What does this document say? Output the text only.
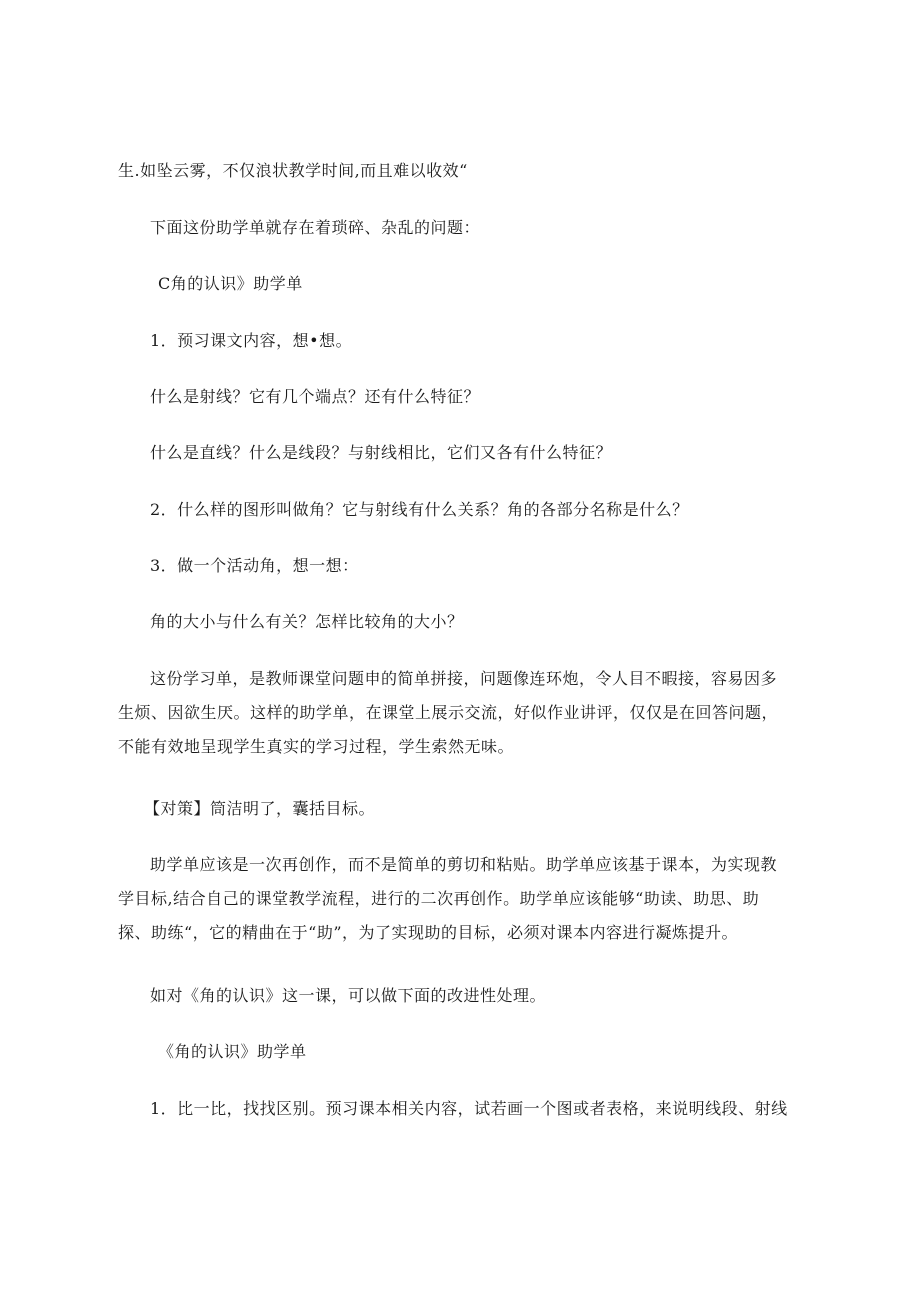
生.如坠云雾，不仅浪状教学时间,而且难以收效“
下面这份助学单就存在着琐碎、杂乱的问题：
C角的认识》助学单
1．预习课文内容，想•想。
什么是射线？它有几个端点？还有什么特征？
什么是直线？什么是线段？与射线相比，它们又各有什么特征？
2．什么样的图形叫做角？它与射线有什么关系？角的各部分名称是什么？
3．做一个活动角，想一想：
角的大小与什么有关？怎样比较角的大小？
这份学习单，是教师课堂问题申的简单拼接，问题像连环炮，令人目不暇接，容易因多
生烦、因欲生厌。这样的助学单，在课堂上展示交流，好似作业讲评，仅仅是在回答问题，
不能有效地呈现学生真实的学习过程，学生索然无味。
【对策】筒洁明了，囊括目标。
助学单应该是一次再创作，而不是简单的剪切和粘贴。助学单应该基于课本，为实现教
学目标,结合自己的课堂教学流程，进行的二次再创作。助学单应该能够“助读、助思、助
探、助练“，它的精曲在于“助”，为了实现助的目标，必须对课本内容进行凝炼提升。
如对《角的认识》这一课，可以做下面的改进性处理。
《角的认识》助学单
1．比一比，找找区别。预习课本相关内容，试若画一个图或者表格，来说明线段、射线
